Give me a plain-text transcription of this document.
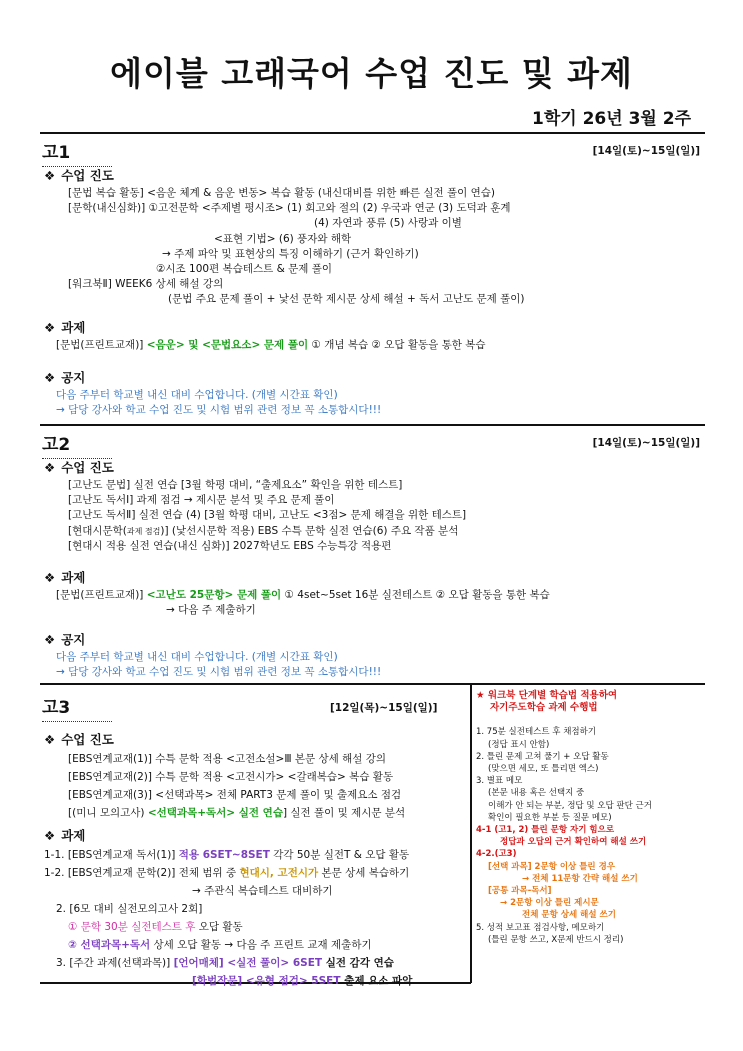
에이블 고래국어 수업 진도 및 과제
1학기 26년 3월 2주
고1	[14일(토)~15일(일)]
❖ 수업 진도
[문법 복습 활동] <음운 체계 & 음운 변동> 복습 활동 (내신대비를 위한 빠른 실전 풀이 연습)
[문학(내신심화)] ①고전문학 <주제별 평시조> (1) 회고와 절의 (2) 우국과 연군 (3) 도덕과 훈계
(4) 자연과 풍류 (5) 사랑과 이별
<표현 기법> (6) 풍자와 해학
→ 주제 파악 및 표현상의 특징 이해하기 (근거 확인하기)
②시조 100편 복습테스트 & 문제 풀이
[워크북Ⅱ] WEEK6 상세 해설 강의
(문법 주요 문제 풀이 + 낯선 문학 제시문 상세 해설 + 독서 고난도 문제 풀이)
❖ 과제
[문법(프린트교재)] <음운> 및 <문법요소> 문제 풀이 ① 개념 복습 ② 오답 활동을 통한 복습
❖ 공지
다음 주부터 학교별 내신 대비 수업합니다. (개별 시간표 확인)
→ 담당 강사와 학교 수업 진도 및 시험 범위 관련 정보 꼭 소통합시다!!!
고2	[14일(토)~15일(일)]
❖ 수업 진도
[고난도 문법] 실전 연습 [3월 학평 대비, “출제요소” 확인을 위한 테스트]
[고난도 독서Ⅰ] 과제 점검 → 제시문 분석 및 주요 문제 풀이
[고난도 독서Ⅱ] 실전 연습 (4) [3월 학평 대비, 고난도 <3점> 문제 해결을 위한 테스트]
[현대시문학(과제 점검)] (낯선시문학 적용) EBS 수특 문학 실전 연습(6) 주요 작품 분석
[현대시 적용 실전 연습(내신 심화)] 2027학년도 EBS 수능특강 적용편
❖ 과제
[문법(프린트교재)] <고난도 25문항> 문제 풀이 ① 4set~5set 16분 실전테스트 ② 오답 활동을 통한 복습
→ 다음 주 제출하기
❖ 공지
다음 주부터 학교별 내신 대비 수업합니다. (개별 시간표 확인)
→ 담당 강사와 학교 수업 진도 및 시험 범위 관련 정보 꼭 소통합시다!!!
고3	[12일(목)~15일(일)]
❖ 수업 진도
[EBS연계교재(1)] 수특 문학 적용 <고전소설>Ⅲ 본문 상세 해설 강의
[EBS연계교재(2)] 수특 문학 적용 <고전시가> <갈래복습> 복습 활동
[EBS연계교재(3)] <선택과목> 전체 PART3 문제 풀이 및 출제요소 점검
[(미니 모의고사) <선택과목+독서> 실전 연습] 실전 풀이 및 제시문 분석
❖ 과제
1-1. [EBS연계교재 독서(1)] 적용 6SET~8SET 각각 50분 실전T & 오답 활동
1-2. [EBS연계교재 문학(2)] 전체 범위 중 현대시, 고전시가 본문 상세 복습하기
→ 주관식 복습테스트 대비하기
2. [6모 대비 실전모의고사 2회]
① 문학 30분 실전테스트 후 오답 활동
② 선택과목+독서 상세 오답 활동 → 다음 주 프린트 교재 제출하기
3. [주간 과제(선택과목)] [언어매체] <실전 풀이> 6SET 실전 감각 연습
[화법작문] <유형 점검> 5SET 출제 요소 파악
★ 워크북 단계별 학습법 적용하여
자기주도학습 과제 수행법
1. 75분 실전테스트 후 채점하기
(정답 표시 안함)
2. 틀린 문제 고쳐 풀기 + 오답 활동
(맞으면 세모, 또 틀리면 엑스)
3. 별표 메모
(본문 내용 혹은 선택지 중
이해가 안 되는 부분, 정답 및 오답 판단 근거
확인이 필요한 부분 등 질문 메모)
4-1 (고1, 2) 틀린 문항 자기 힘으로
정답과 오답의 근거 확인하여 해설 쓰기
4-2.(고3)
[선택 과목] 2문항 이상 틀린 경우
→ 전체 11문항 간략 해설 쓰기
[공통 과목-독서]
→ 2문항 이상 틀린 제시문
전체 문항 상세 해설 쓰기
5. 성적 보고표 점검사항, 메모하기
(틀린 문항 쓰고, X문제 반드시 정리)
